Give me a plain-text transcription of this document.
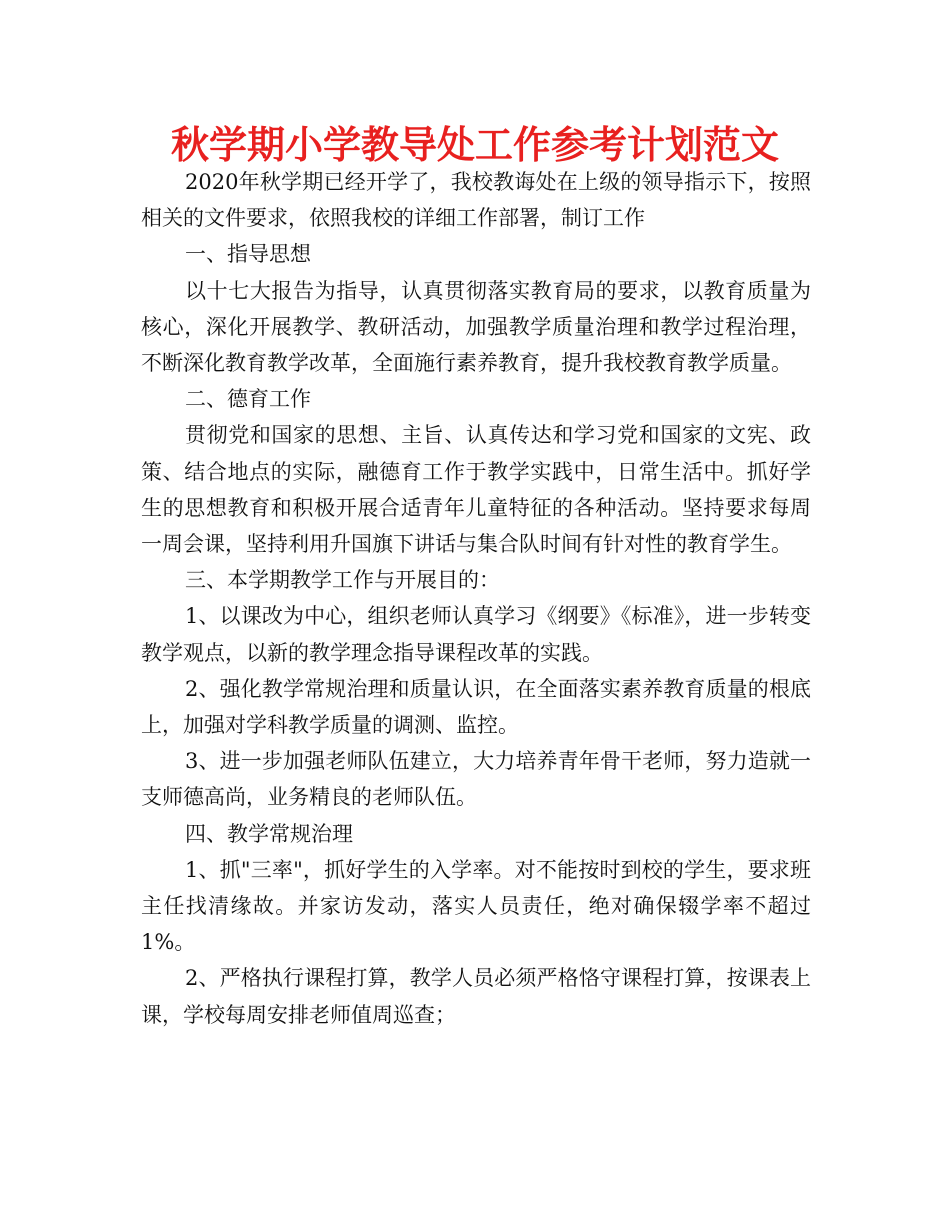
秋学期小学教导处工作参考计划范文

2020年秋学期已经开学了，我校教诲处在上级的领导指示下，按照相关的文件要求，依照我校的详细工作部署，制订工作

一、指导思想

以十七大报告为指导，认真贯彻落实教育局的要求，以教育质量为核心，深化开展教学、教研活动，加强教学质量治理和教学过程治理，不断深化教育教学改革，全面施行素养教育，提升我校教育教学质量。

二、德育工作

贯彻党和国家的思想、主旨、认真传达和学习党和国家的文宪、政策、结合地点的实际，融德育工作于教学实践中，日常生活中。抓好学生的思想教育和积极开展合适青年儿童特征的各种活动。坚持要求每周一周会课，坚持利用升国旗下讲话与集合队时间有针对性的教育学生。

三、本学期教学工作与开展目的：

1、以课改为中心，组织老师认真学习《纲要》《标准》，进一步转变教学观点，以新的教学理念指导课程改革的实践。

2、强化教学常规治理和质量认识，在全面落实素养教育质量的根底上，加强对学科教学质量的调测、监控。

3、进一步加强老师队伍建立，大力培养青年骨干老师，努力造就一支师德高尚，业务精良的老师队伍。

四、教学常规治理

1、抓"三率"，抓好学生的入学率。对不能按时到校的学生，要求班主任找清缘故。并家访发动，落实人员责任，绝对确保辍学率不超过1%。

2、严格执行课程打算，教学人员必须严格恪守课程打算，按课表上课，学校每周安排老师值周巡查；
